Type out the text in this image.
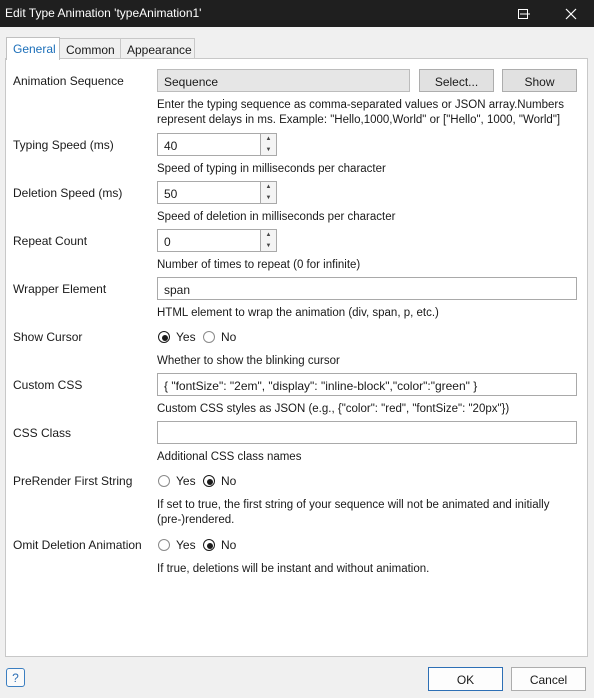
Edit Type Animation 'typeAnimation1'
General Common	Appearance
Animation Sequence	Sequence	Select...	Show
Enter the typing sequence as comma-separated values or JSON array.Numbers
represent delays in ms. Example: "Hello,1000,World" or ["Hello", 1000, "World"]
Typing Speed (ms)	40	▲
▼
Speed of typing in milliseconds per character
Deletion Speed (ms)	50	▲
▼
Speed of deletion in milliseconds per character
Repeat Count	0	▲
▼
Number of times to repeat (0 for infinite)
Wrapper Element	span
HTML element to wrap the animation (div, span, p, etc.)
Show Cursor	Yes No
Whether to show the blinking cursor
Custom CSS	{ "fontSize": "2em", "display": "inline-block","color":"green" }
Custom CSS styles as JSON (e.g., {"color": "red", "fontSize": "20px"})
CSS Class
Additional CSS class names
PreRender First String	Yes No
If set to true, the first string of your sequence will not be animated and initially
(pre-)rendered.
Omit Deletion Animation	Yes No
If true, deletions will be instant and without animation.
?	OK	Cancel
